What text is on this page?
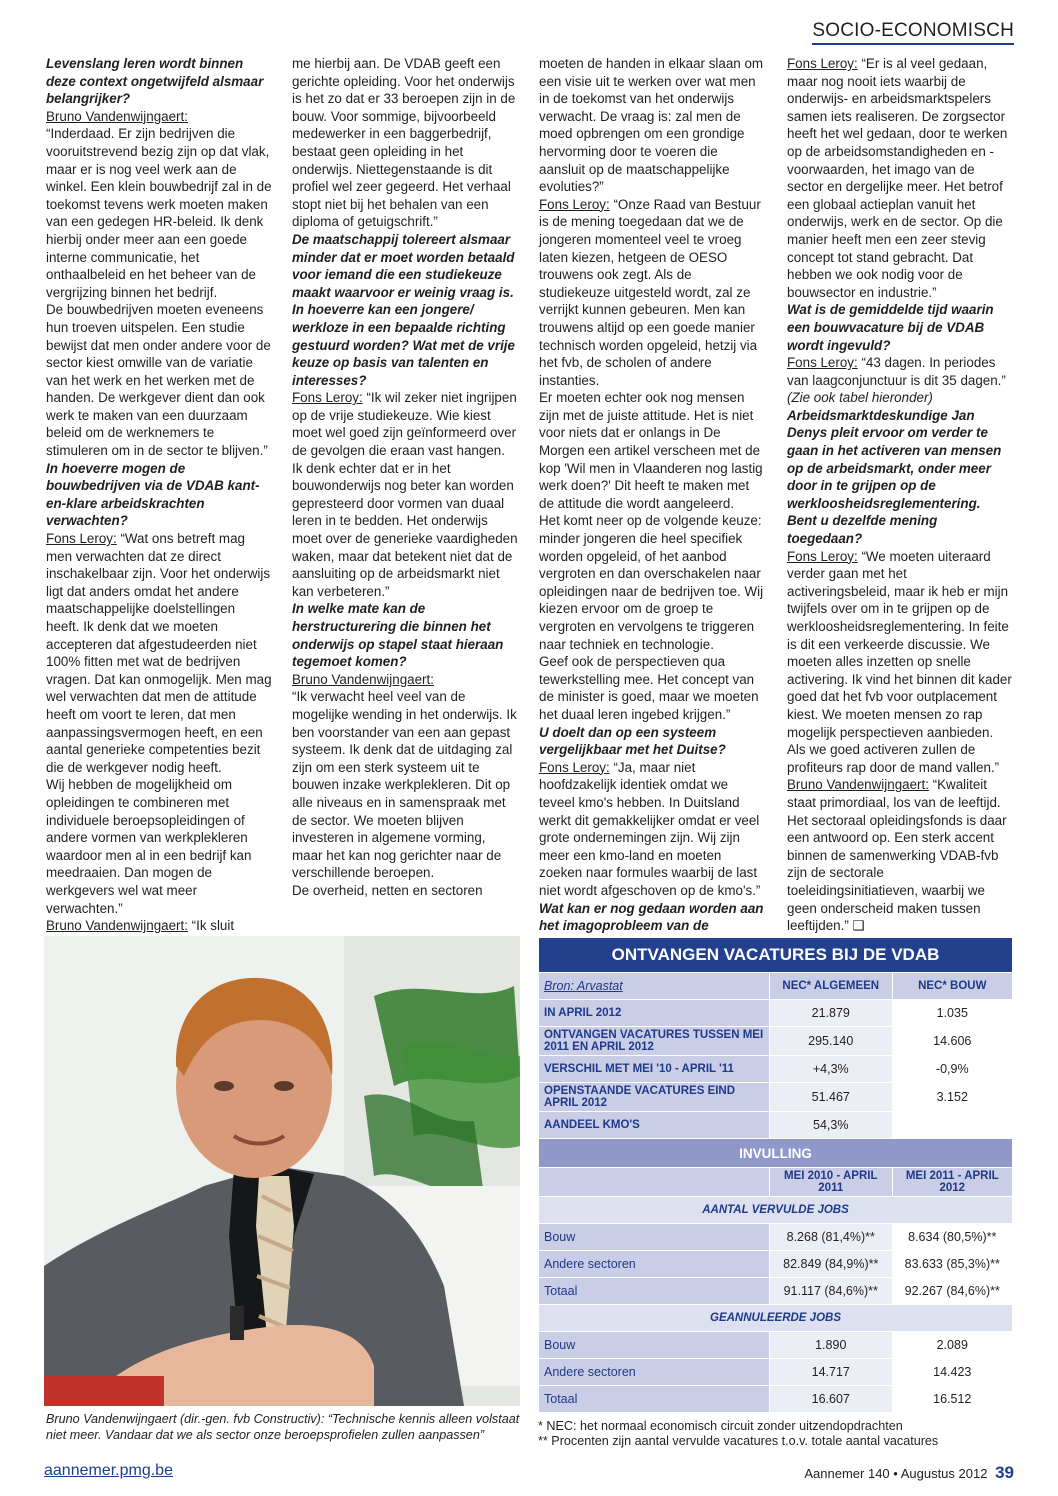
SOCIO-ECONOMISCH

Levenslang leren wordt binnen deze context ongetwijfeld alsmaar belangrijker?

Bruno Vandenwijngaert:

“Inderdaad. Er zijn bedrijven die vooruitstrevend bezig zijn op dat vlak, maar er is nog veel werk aan de winkel. Een klein bouwbedrijf zal in de toekomst tevens werk moeten maken van een gedegen HR-beleid. Ik denk hierbij onder meer aan een goede interne communicatie, het onthaalbeleid en het beheer van de vergrijzing binnen het bedrijf.

De bouwbedrijven moeten eveneens hun troeven uitspelen. Een studie bewijst dat men onder andere voor de sector kiest omwille van de variatie van het werk en het werken met de handen. De werkgever dient dan ook werk te maken van een duurzaam beleid om de werknemers te stimuleren om in de sector te blijven.”

In hoeverre mogen de bouwbedrijven via de VDAB kant-en-klare arbeidskrachten verwachten?

Fons Leroy: “Wat ons betreft mag men verwachten dat ze direct inschakelbaar zijn. Voor het onderwijs ligt dat anders omdat het andere maatschappelijke doelstellingen heeft. Ik denk dat we moeten accepteren dat afgestudeerden niet 100% fitten met wat de bedrijven vragen. Dat kan onmogelijk. Men mag wel verwachten dat men de attitude heeft om voort te leren, dat men aanpassingsvermogen heeft, en een aantal generieke competenties bezit die de werkgever nodig heeft.

Wij hebben de mogelijkheid om opleidingen te combineren met individuele beroepsopleidingen of andere vormen van werkplekleren waardoor men al in een bedrijf kan meedraaien. Dan mogen de werkgevers wel wat meer verwachten.”

Bruno Vandenwijngaert: “Ik sluit

me hierbij aan. De VDAB geeft een gerichte opleiding. Voor het onderwijs is het zo dat er 33 beroepen zijn in de bouw. Voor sommige, bijvoorbeeld medewerker in een baggerbedrijf, bestaat geen opleiding in het onderwijs. Niettegenstaande is dit profiel wel zeer gegeerd. Het verhaal stopt niet bij het behalen van een diploma of getuigschrift.”

De maatschappij tolereert alsmaar minder dat er moet worden betaald voor iemand die een studiekeuze maakt waarvoor er weinig vraag is. In hoeverre kan een jongere/ werkloze in een bepaalde richting gestuurd worden? Wat met de vrije keuze op basis van talenten en interesses?

Fons Leroy: “Ik wil zeker niet ingrijpen op de vrije studiekeuze. Wie kiest moet wel goed zijn geïnformeerd over de gevolgen die eraan vast hangen. Ik denk echter dat er in het bouwonderwijs nog beter kan worden gepresteerd door vormen van duaal leren in te bedden. Het onderwijs moet over de generieke vaardigheden waken, maar dat betekent niet dat de aansluiting op de arbeidsmarkt niet kan verbeteren.”

In welke mate kan de herstructurering die binnen het onderwijs op stapel staat hieraan tegemoet komen?

Bruno Vandenwijngaert:

“Ik verwacht heel veel van de mogelijke wending in het onderwijs. Ik ben voorstander van een aan gepast systeem. Ik denk dat de uitdaging zal zijn om een sterk systeem uit te bouwen inzake werkplekleren. Dit op alle niveaus en in samenspraak met de sector. We moeten blijven investeren in algemene vorming, maar het kan nog gerichter naar de verschillende beroepen.

De overheid, netten en sectoren

moeten de handen in elkaar slaan om een visie uit te werken over wat men in de toekomst van het onderwijs verwacht. De vraag is: zal men de moed opbrengen om een grondige hervorming door te voeren die aansluit op de maatschappelijke evoluties?”

Fons Leroy: “Onze Raad van Bestuur is de mening toegedaan dat we de jongeren momenteel veel te vroeg laten kiezen, hetgeen de OESO trouwens ook zegt. Als de studiekeuze uitgesteld wordt, zal ze verrijkt kunnen gebeuren. Men kan trouwens altijd op een goede manier technisch worden opgeleid, hetzij via het fvb, de scholen of andere instanties.

Er moeten echter ook nog mensen zijn met de juiste attitude. Het is niet voor niets dat er onlangs in De Morgen een artikel verscheen met de kop 'Wil men in Vlaanderen nog lastig werk doen?' Dit heeft te maken met de attitude die wordt aangeleerd.

Het komt neer op de volgende keuze: minder jongeren die heel specifiek worden opgeleid, of het aanbod vergroten en dan overschakelen naar opleidingen naar de bedrijven toe. Wij kiezen ervoor om de groep te vergroten en vervolgens te triggeren naar techniek en technologie.

Geef ook de perspectieven qua tewerkstelling mee. Het concept van de minister is goed, maar we moeten het duaal leren ingebed krijgen.”

U doelt dan op een systeem vergelijkbaar met het Duitse?

Fons Leroy: “Ja, maar niet hoofdzakelijk identiek omdat we teveel kmo's hebben. In Duitsland werkt dit gemakkelijker omdat er veel grote ondernemingen zijn. Wij zijn meer een kmo-land en moeten zoeken naar formules waarbij de last niet wordt afgeschoven op de kmo's.”

Wat kan er nog gedaan worden aan het imagoprobleem van de

Fons Leroy: “Er is al veel gedaan, maar nog nooit iets waarbij de onderwijs- en arbeidsmarktspelers samen iets realiseren. De zorgsector heeft het wel gedaan, door te werken op de arbeidsomstandigheden en -voorwaarden, het imago van de sector en dergelijke meer. Het betrof een globaal actieplan vanuit het onderwijs, werk en de sector. Op die manier heeft men een zeer stevig concept tot stand gebracht. Dat hebben we ook nodig voor de bouwsector en industrie.”

Wat is de gemiddelde tijd waarin een bouwvacature bij de VDAB wordt ingevuld?

Fons Leroy: “43 dagen. In periodes van laagconjunctuur is dit 35 dagen.”

(Zie ook tabel hieronder)

Arbeidsmarktdeskundige Jan Denys pleit ervoor om verder te gaan in het activeren van mensen op de arbeidsmarkt, onder meer door in te grijpen op de werkloosheidsreglementering. Bent u dezelfde mening toegedaan?

Fons Leroy: “We moeten uiteraard verder gaan met het activeringsbeleid, maar ik heb er mijn twijfels over om in te grijpen op de werkloosheidsreglementering. In feite is dit een verkeerde discussie. We moeten alles inzetten op snelle activering. Ik vind het binnen dit kader goed dat het fvb voor outplacement kiest. We moeten mensen zo rap mogelijk perspectieven aanbieden. Als we goed activeren zullen de profiteurs rap door de mand vallen.”

Bruno Vandenwijngaert: “Kwaliteit staat primordiaal, los van de leeftijd. Het sectoraal opleidingsfonds is daar een antwoord op. Een sterk accent binnen de samenwerking VDAB-fvb zijn de sectorale toeleidingsinitiatieven, waarbij we geen onderscheid maken tussen leeftijden.” ❑

Bruno Vandenwijngaert (dir.-gen. fvb Constructiv): “Technische kennis alleen volstaat niet meer. Vandaar dat we als sector onze beroepsprofielen zullen aanpassen”
ONTVANGEN VACATURES BIJ DE VDAB		
Bron: Arvastat	NEC* ALGEMEEN	NEC* BOUW
IN APRIL 2012	21.879	1.035
ONTVANGEN VACATURES TUSSEN MEI 2011 EN APRIL 2012	295.140	14.606
VERSCHIL MET MEI '10 - APRIL '11	+4,3%	-0,9%
OPENSTAANDE VACATURES EIND APRIL 2012	51.467	3.152
AANDEEL KMO'S	54,3%	
INVULLING		
	MEI 2010 - APRIL 2011	MEI 2011 - APRIL 2012
AANTAL VERVULDE JOBS		
Bouw	8.268 (81,4%)**	8.634 (80,5%)**
Andere sectoren	82.849 (84,9%)**	83.633 (85,3%)**
Totaal	91.117 (84,6%)**	92.267 (84,6%)**
GEANNULEERDE JOBS		
Bouw	1.890	2.089
Andere sectoren	14.717	14.423
Totaal	16.607	16.512
* NEC: het normaal economisch circuit zonder uitzendopdrachten
** Procenten zijn aantal vervulde vacatures t.o.v. totale aantal vacatures
aannemer.pmg.be	Aannemer 140 • Augustus 2012 39
